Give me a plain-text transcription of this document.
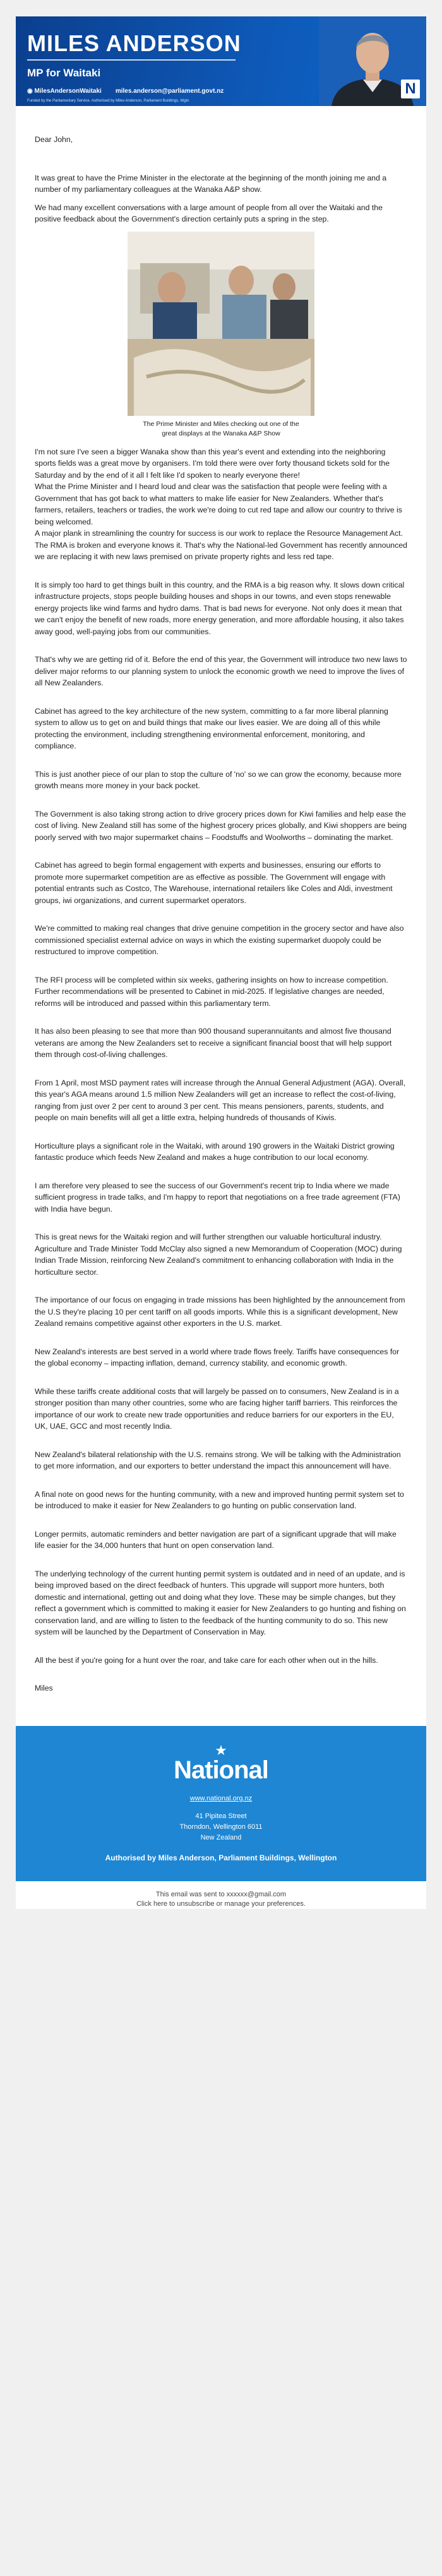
MILES ANDERSON
MP for Waitaki
◉ MilesAndersonWaitaki miles.anderson@parliament.govt.nz
Funded by the Parliamentary Service. Authorised by Miles Anderson, Parliament Buildings, Wgtn
N

Dear John,

It was great to have the Prime Minister in the electorate at the beginning of the month joining me and a number of my parliamentary colleagues at the Wanaka A&P show.

We had many excellent conversations with a large amount of people from all over the Waitaki and the positive feedback about the Government's direction certainly puts a spring in the step.

The Prime Minister and Miles checking out one of the
great displays at the Wanaka A&P Show

I'm not sure I've seen a bigger Wanaka show than this year's event and extending into the neighboring sports fields was a great move by organisers. I'm told there were over forty thousand tickets sold for the Saturday and by the end of it all I felt like I'd spoken to nearly everyone there!

What the Prime Minister and I heard loud and clear was the satisfaction that people were feeling with a Government that has got back to what matters to make life easier for New Zealanders. Whether that's farmers, retailers, teachers or tradies, the work we're doing to cut red tape and allow our country to thrive is being welcomed.

A major plank in streamlining the country for success is our work to replace the Resource Management Act. The RMA is broken and everyone knows it. That's why the National-led Government has recently announced we are replacing it with new laws premised on private property rights and less red tape.

It is simply too hard to get things built in this country, and the RMA is a big reason why. It slows down critical infrastructure projects, stops people building houses and shops in our towns, and even stops renewable energy projects like wind farms and hydro dams. That is bad news for everyone. Not only does it mean that we can't enjoy the benefit of new roads, more energy generation, and more affordable housing, it also takes away good, well-paying jobs from our communities.

That's why we are getting rid of it. Before the end of this year, the Government will introduce two new laws to deliver major reforms to our planning system to unlock the economic growth we need to improve the lives of all New Zealanders.

Cabinet has agreed to the key architecture of the new system, committing to a far more liberal planning system to allow us to get on and build things that make our lives easier. We are doing all of this while protecting the environment, including strengthening environmental enforcement, monitoring, and compliance.

This is just another piece of our plan to stop the culture of 'no' so we can grow the economy, because more growth means more money in your back pocket.

The Government is also taking strong action to drive grocery prices down for Kiwi families and help ease the cost of living. New Zealand still has some of the highest grocery prices globally, and Kiwi shoppers are being poorly served with two major supermarket chains – Foodstuffs and Woolworths – dominating the market.

Cabinet has agreed to begin formal engagement with experts and businesses, ensuring our efforts to promote more supermarket competition are as effective as possible. The Government will engage with potential entrants such as Costco, The Warehouse, international retailers like Coles and Aldi, investment groups, iwi organizations, and current supermarket operators.

We're committed to making real changes that drive genuine competition in the grocery sector and have also commissioned specialist external advice on ways in which the existing supermarket duopoly could be restructured to improve competition.

The RFI process will be completed within six weeks, gathering insights on how to increase competition. Further recommendations will be presented to Cabinet in mid-2025. If legislative changes are needed, reforms will be introduced and passed within this parliamentary term.

It has also been pleasing to see that more than 900 thousand superannuitants and almost five thousand veterans are among the New Zealanders set to receive a significant financial boost that will help support them through cost-of-living challenges.

From 1 April, most MSD payment rates will increase through the Annual General Adjustment (AGA). Overall, this year's AGA means around 1.5 million New Zealanders will get an increase to reflect the cost-of-living, ranging from just over 2 per cent to around 3 per cent. This means pensioners, parents, students, and people on main benefits will all get a little extra, helping hundreds of thousands of Kiwis.

Horticulture plays a significant role in the Waitaki, with around 190 growers in the Waitaki District growing fantastic produce which feeds New Zealand and makes a huge contribution to our local economy.

I am therefore very pleased to see the success of our Government's recent trip to India where we made sufficient progress in trade talks, and I'm happy to report that negotiations on a free trade agreement (FTA) with India have begun.

This is great news for the Waitaki region and will further strengthen our valuable horticultural industry. Agriculture and Trade Minister Todd McClay also signed a new Memorandum of Cooperation (MOC) during Indian Trade Mission, reinforcing New Zealand's commitment to enhancing collaboration with India in the horticulture sector.

The importance of our focus on engaging in trade missions has been highlighted by the announcement from the U.S they're placing 10 per cent tariff on all goods imports. While this is a significant development, New Zealand remains competitive against other exporters in the U.S. market.

New Zealand's interests are best served in a world where trade flows freely. Tariffs have consequences for the global economy – impacting inflation, demand, currency stability, and economic growth.

While these tariffs create additional costs that will largely be passed on to consumers, New Zealand is in a stronger position than many other countries, some who are facing higher tariff barriers. This reinforces the importance of our work to create new trade opportunities and reduce barriers for our exporters in the EU, UK, UAE, GCC and most recently India.

New Zealand's bilateral relationship with the U.S. remains strong. We will be talking with the Administration to get more information, and our exporters to better understand the impact this announcement will have.

A final note on good news for the hunting community, with a new and improved hunting permit system set to be introduced to make it easier for New Zealanders to go hunting on public conservation land.

Longer permits, automatic reminders and better navigation are part of a significant upgrade that will make life easier for the 34,000 hunters that hunt on open conservation land.

The underlying technology of the current hunting permit system is outdated and in need of an update, and is being improved based on the direct feedback of hunters. This upgrade will support more hunters, both domestic and international, getting out and doing what they love. These may be simple changes, but they reflect a government which is committed to making it easier for New Zealanders to go hunting and fishing on conservation land, and are willing to listen to the feedback of the hunting community to do so. This new system will be launched by the Department of Conservation in May.

All the best if you're going for a hunt over the roar, and take care for each other when out in the hills.

Miles

★
National
www.national.org.nz
41 Pipitea Street
Thorndon, Wellington 6011
New Zealand
Authorised by Miles Anderson, Parliament Buildings, Wellington
This email was sent to xxxxxx@gmail.com
Click here to unsubscribe or manage your preferences.
